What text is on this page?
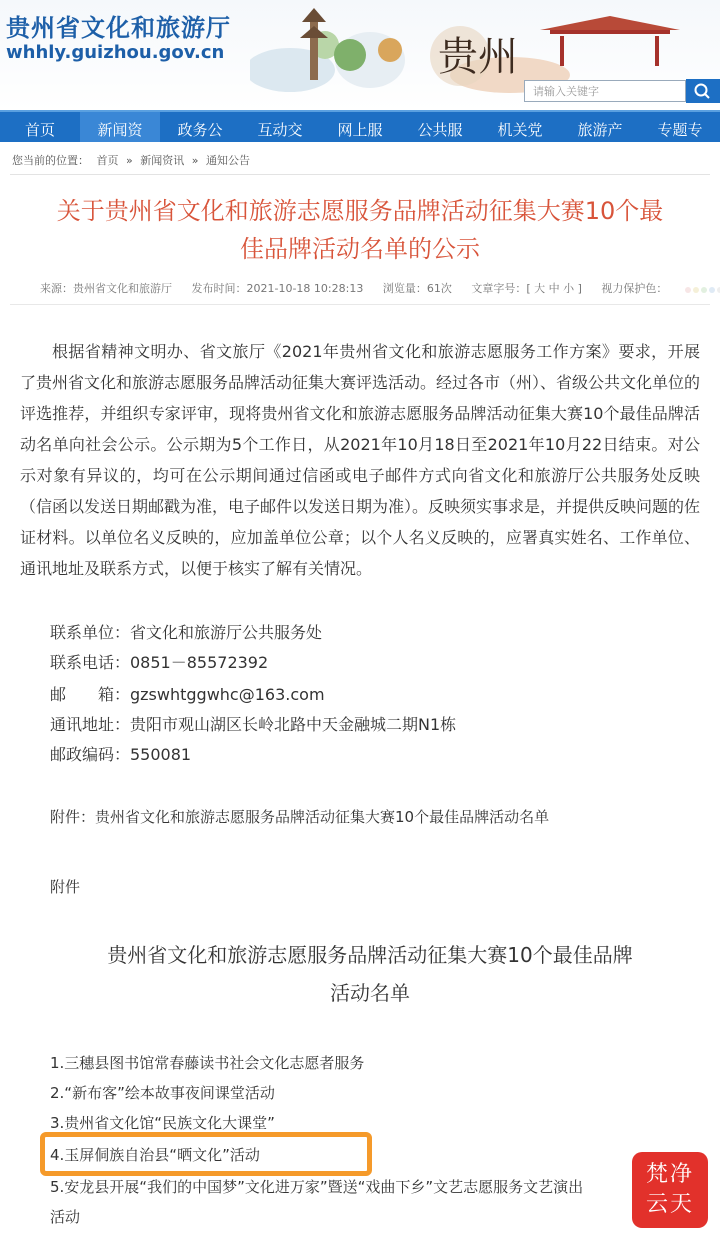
贵州省文化和旅游厅
whhly.guizhou.gov.cn	贵州
请输入关键字
首页	新闻资	政务公	互动交	网上服	公共服	机关党	旅游产	专题专
您当前的位置： 首页 » 新闻资讯 » 通知公告
关于贵州省文化和旅游志愿服务品牌活动征集大赛10个最
佳品牌活动名单的公示
来源：贵州省文化和旅游厅 发布时间：2021-10-18 10:28:13 浏览量：61次 文章字号：[ 大 中 小 ] 视力保护色：
根据省精神文明办、省文旅厅《2021年贵州省文化和旅游志愿服务工作方案》要求，开展了贵州省文化和旅游志愿服务品牌活动征集大赛评选活动。经过各市（州）、省级公共文化单位的评选推荐，并组织专家评审，现将贵州省文化和旅游志愿服务品牌活动征集大赛10个最佳品牌活动名单向社会公示。公示期为5个工作日，从2021年10月18日至2021年10月22日结束。对公示对象有异议的，均可在公示期间通过信函或电子邮件方式向省文化和旅游厅公共服务处反映（信函以发送日期邮戳为准，电子邮件以发送日期为准）。反映须实事求是，并提供反映问题的佐证材料。以单位名义反映的，应加盖单位公章；以个人名义反映的，应署真实姓名、工作单位、通讯地址及联系方式，以便于核实了解有关情况。
联系单位：省文化和旅游厅公共服务处
联系电话：0851－85572392
邮　　箱：gzswhtggwhc@163.com
通讯地址：贵阳市观山湖区长岭北路中天金融城二期N1栋
邮政编码：550081
附件：贵州省文化和旅游志愿服务品牌活动征集大赛10个最佳品牌活动名单
附件
贵州省文化和旅游志愿服务品牌活动征集大赛10个最佳品牌
活动名单
1.三穗县图书馆常春藤读书社会文化志愿者服务
2.“新布客”绘本故事夜间课堂活动
3.贵州省文化馆“民族文化大课堂”
4.玉屏侗族自治县“晒文化”活动
5.安龙县开展“我们的中国梦”文化进万家”暨送“戏曲下乡”文艺志愿服务文艺演出
活动
梵净
云天
